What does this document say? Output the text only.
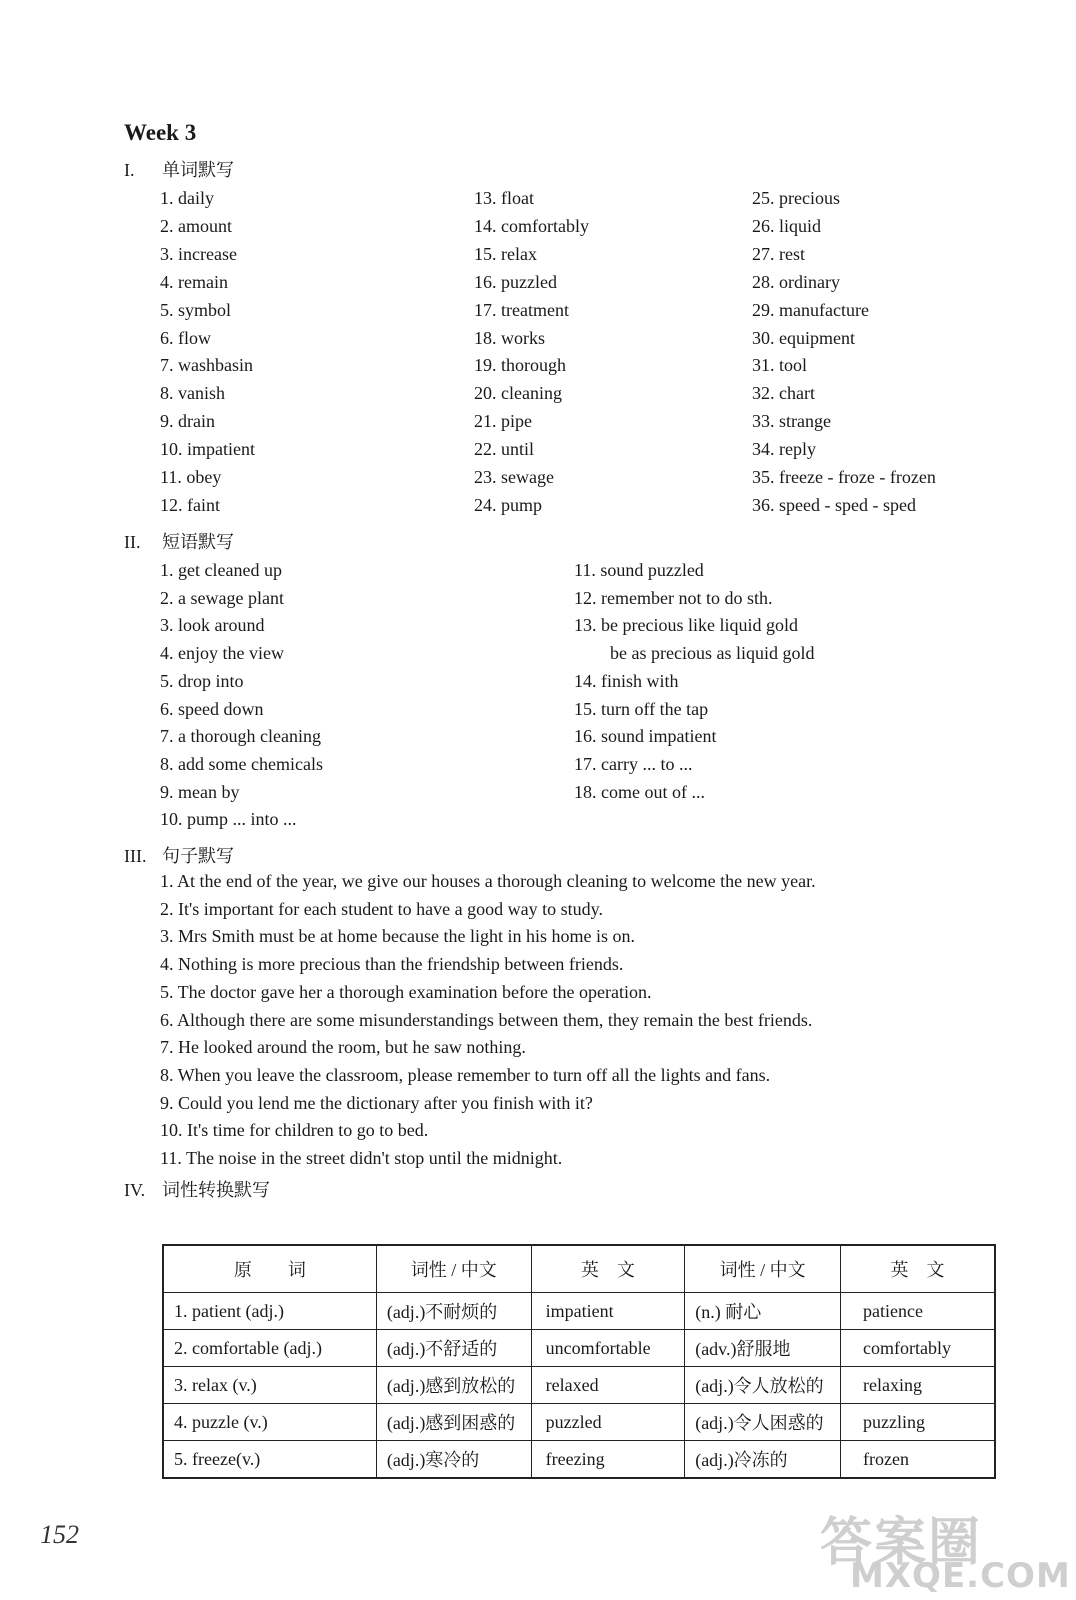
Week 3
I. 单词默写
1. daily
2. amount
3. increase
4. remain
5. symbol
6. flow
7. washbasin
8. vanish
9. drain
10. impatient
11. obey
12. faint
13. float
14. comfortably
15. relax
16. puzzled
17. treatment
18. works
19. thorough
20. cleaning
21. pipe
22. until
23. sewage
24. pump
25. precious
26. liquid
27. rest
28. ordinary
29. manufacture
30. equipment
31. tool
32. chart
33. strange
34. reply
35. freeze - froze - frozen
36. speed - sped - sped
II. 短语默写
1. get cleaned up
2. a sewage plant
3. look around
4. enjoy the view
5. drop into
6. speed down
7. a thorough cleaning
8. add some chemicals
9. mean by
10. pump ... into ...
11. sound puzzled
12. remember not to do sth.
13. be precious like liquid gold
be as precious as liquid gold
14. finish with
15. turn off the tap
16. sound impatient
17. carry ... to ...
18. come out of ...
III. 句子默写
1. At the end of the year, we give our houses a thorough cleaning to welcome the new year.
2. It's important for each student to have a good way to study.
3. Mrs Smith must be at home because the light in his home is on.
4. Nothing is more precious than the friendship between friends.
5. The doctor gave her a thorough examination before the operation.
6. Although there are some misunderstandings between them, they remain the best friends.
7. He looked around the room, but he saw nothing.
8. When you leave the classroom, please remember to turn off all the lights and fans.
9. Could you lend me the dictionary after you finish with it?
10. It's time for children to go to bed.
11. The noise in the street didn't stop until the midnight.
IV. 词性转换默写
原　　词	词性 / 中文	英　文	词性 / 中文	英　文
1. patient (adj.)	(adj.)不耐烦的	impatient	(n.) 耐心	patience
2. comfortable (adj.)	(adj.)不舒适的	uncomfortable	(adv.)舒服地	comfortably
3. relax (v.)	(adj.)感到放松的	relaxed	(adj.)令人放松的	relaxing
4. puzzle (v.)	(adj.)感到困惑的	puzzled	(adj.)令人困惑的	puzzling
5. freeze(v.)	(adj.)寒冷的	freezing	(adj.)冷冻的	frozen
152	答案圈
MXQE.COM
